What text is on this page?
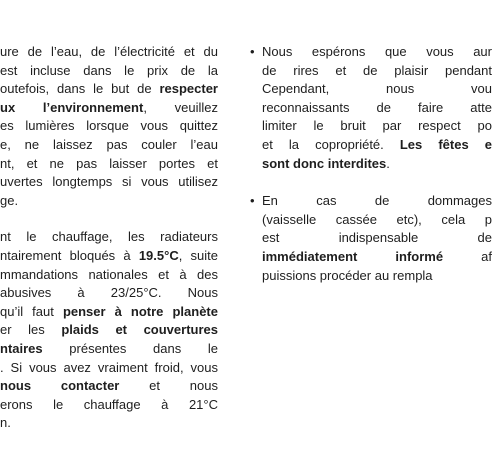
ure de l’eau, de l’électricité et du
est incluse dans le prix de la
outefois, dans le but de respecter
ux l’environnement, veuillez
es lumières lorsque vous quittez
e, ne laissez pas couler l’eau
nt, et ne pas laisser portes et
uvertes longtemps si vous utilisez
ge.
nt le chauffage, les radiateurs
ntairement bloqués à 19.5°C, suite
mmandations nationales et à des
abusives à 23/25°C. Nous
qu’il faut penser à notre planète
er les plaids et couvertures
ntaires présentes dans le
. Si vous avez vraiment froid, vous
nous contacter et nous
erons le chauffage à 21°C
n.
• Nous espérons que vous aur
de rires et de plaisir pendant
Cependant, nous vou
reconnaissants de faire atte
limiter le bruit par respect po
et la copropriété. Les fêtes e
sont donc interdites.
• En cas de dommages
(vaisselle cassée etc), cela p
est indispensable de
immédiatement informé af
puissions procéder au rempla
